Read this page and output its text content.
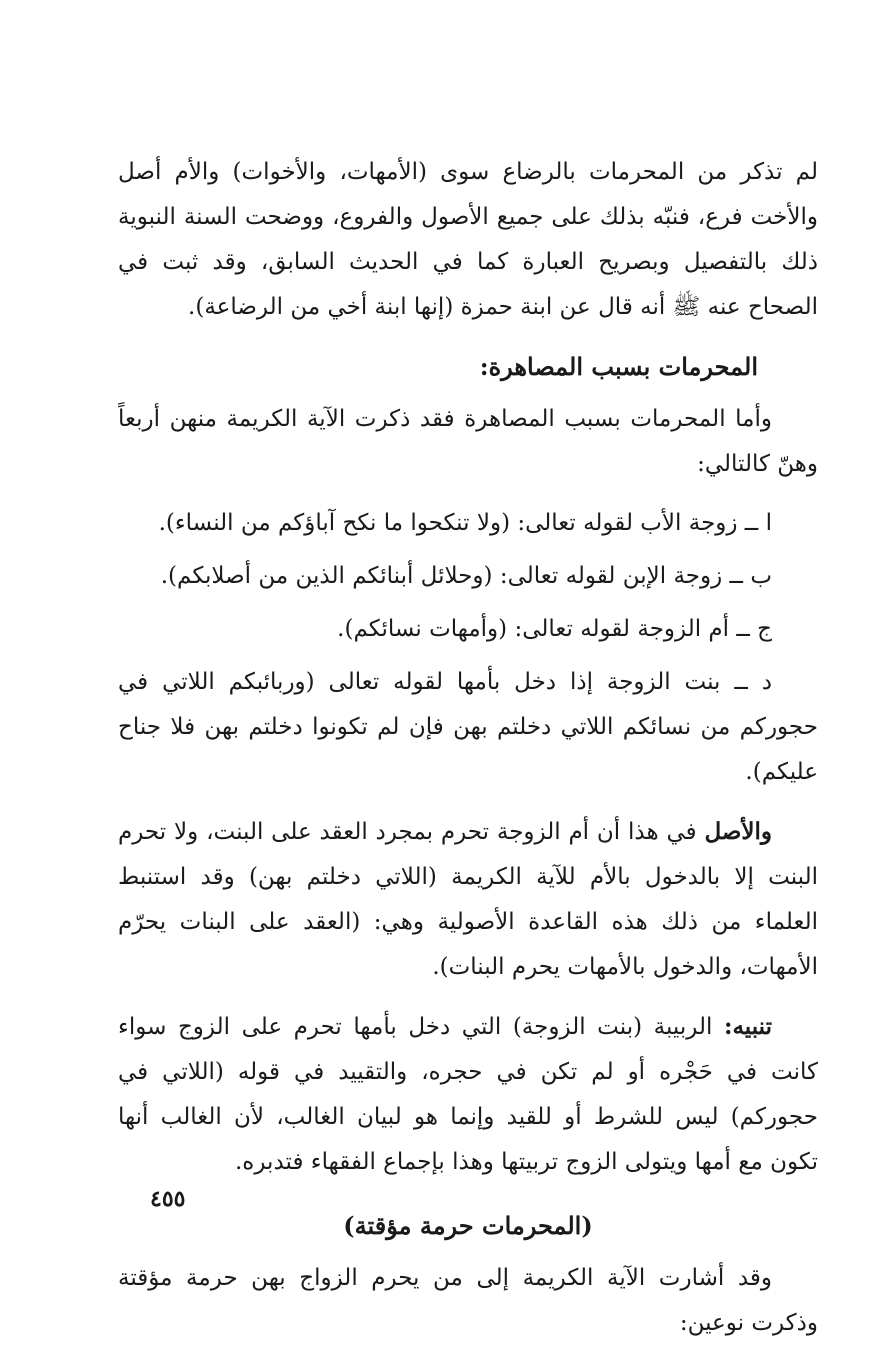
لم تذكر من المحرمات بالرضاع سوى (الأمهات، والأخوات) والأم أصل والأخت فرع، فنبّه بذلك على جميع الأصول والفروع، ووضحت السنة النبوية ذلك بالتفصيل وبصريح العبارة كما في الحديث السابق، وقد ثبت في الصحاح عنه ﷺ أنه قال عن ابنة حمزة (إنها ابنة أخي من الرضاعة).

المحرمات بسبب المصاهرة:

وأما المحرمات بسبب المصاهرة فقد ذكرت الآية الكريمة منهن أربعاً وهنّ كالتالي:

ا ــ زوجة الأب لقوله تعالى: (ولا تنكحوا ما نكح آباؤكم من النساء).

ب ــ زوجة الإبن لقوله تعالى: (وحلائل أبنائكم الذين من أصلابكم).

ج ــ أم الزوجة لقوله تعالى: (وأمهات نسائكم).

د ــ بنت الزوجة إذا دخل بأمها لقوله تعالى (وربائبكم اللاتي في حجوركم من نسائكم اللاتي دخلتم بهن فإن لم تكونوا دخلتم بهن فلا جناح عليكم).

والأصل في هذا أن أم الزوجة تحرم بمجرد العقد على البنت، ولا تحرم البنت إلا بالدخول بالأم للآية الكريمة (اللاتي دخلتم بهن) وقد استنبط العلماء من ذلك هذه القاعدة الأصولية وهي: (العقد على البنات يحرّم الأمهات، والدخول بالأمهات يحرم البنات).

تنبيه: الربيبة (بنت الزوجة) التي دخل بأمها تحرم على الزوج سواء كانت في حَجْره أو لم تكن في حجره، والتقييد في قوله (اللاتي في حجوركم) ليس للشرط أو للقيد وإنما هو لبيان الغالب، لأن الغالب أنها تكون مع أمها ويتولى الزوج تربيتها وهذا بإجماع الفقهاء فتدبره.

(المحرمات حرمة مؤقتة)

وقد أشارت الآية الكريمة إلى من يحرم الزواج بهن حرمة مؤقتة وذكرت نوعين:

٤٥٥
